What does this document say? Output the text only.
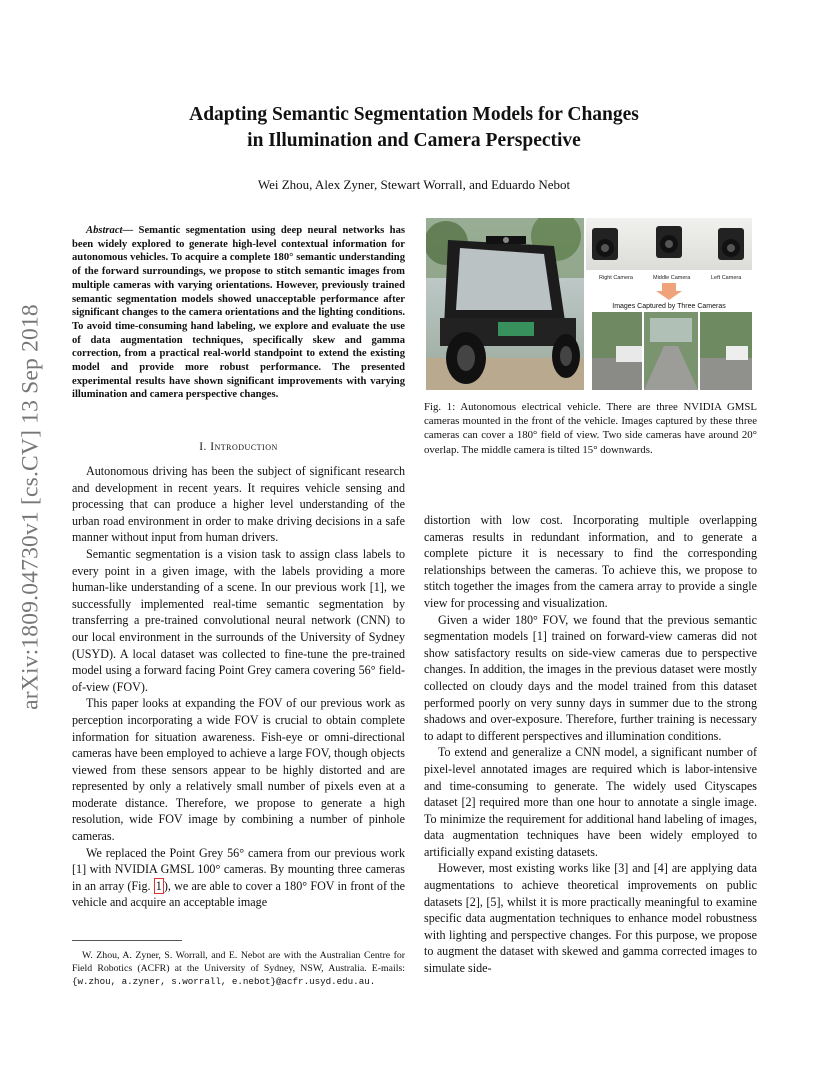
arXiv:1809.04730v1 [cs.CV] 13 Sep 2018
Adapting Semantic Segmentation Models for Changes
in Illumination and Camera Perspective
Wei Zhou, Alex Zyner, Stewart Worrall, and Eduardo Nebot

Abstract— Semantic segmentation using deep neural networks has been widely explored to generate high-level contextual information for autonomous vehicles. To acquire a complete 180° semantic understanding of the forward surroundings, we propose to stitch semantic images from multiple cameras with varying orientations. However, previously trained semantic segmentation models showed unacceptable performance after significant changes to the camera orientations and the lighting conditions. To avoid time-consuming hand labeling, we explore and evaluate the use of data augmentation techniques, specifically skew and gamma correction, from a practical real-world standpoint to extend the existing model and provide more robust performance. The presented experimental results have shown significant improvements with varying illumination and camera perspective changes.

I. Introduction

Autonomous driving has been the subject of significant research and development in recent years. It requires vehicle sensing and processing that can produce a higher level understanding of the urban road environment in order to make driving decisions in a safe manner without input from human drivers.

Semantic segmentation is a vision task to assign class labels to every point in a given image, with the labels providing a more human-like understanding of a scene. In our previous work [1], we successfully implemented real-time semantic segmentation by transferring a pre-trained convolutional neural network (CNN) to our local environment in the surrounds of the University of Sydney (USYD). A local dataset was collected to fine-tune the pre-trained model using a forward facing Point Grey camera covering 56° field-of-view (FOV).

This paper looks at expanding the FOV of our previous work as perception incorporating a wide FOV is crucial to obtain complete information for situation awareness. Fish-eye or omni-directional cameras have been employed to achieve a large FOV, though objects viewed from these sensors appear to be highly distorted and are represented by only a relatively small number of pixels even at a moderate distance. Therefore, we propose to generate a high resolution, wide FOV image by combining a number of pinhole cameras.

We replaced the Point Grey 56° camera from our previous work [1] with NVIDIA GMSL 100° cameras. By mounting three cameras in an array (Fig. 1 ), we are able to cover a 180° FOV in front of the vehicle and acquire an acceptable image

W. Zhou, A. Zyner, S. Worrall, and E. Nebot are with the Australian Centre for Field Robotics (ACFR) at the University of Sydney, NSW, Australia. E-mails: {w.zhou, a.zyner, s.worrall, e.nebot}@acfr.usyd.edu.au.

Right Camera	Middle Camera	Left Camera
Images Captured by Three Cameras
Fig. 1: Autonomous electrical vehicle. There are three NVIDIA GMSL cameras mounted in the front of the vehicle. Images captured by these three cameras can cover a 180° field of view. Two side cameras have around 20° overlap. The middle camera is tilted 15° downwards.

distortion with low cost. Incorporating multiple overlapping cameras results in redundant information, and to generate a complete picture it is necessary to find the corresponding relationships between the cameras. To achieve this, we propose to stitch together the images from the camera array to provide a single view for processing and visualization.

Given a wider 180° FOV, we found that the previous semantic segmentation models [1] trained on forward-view cameras did not show satisfactory results on side-view cameras due to perspective changes. In addition, the images in the previous dataset were mostly collected on cloudy days and the model trained from this dataset performed poorly on very sunny days in summer due to the strong shadows and over-exposure. Therefore, further training is necessary to adapt to different perspectives and illumination conditions.

To extend and generalize a CNN model, a significant number of pixel-level annotated images are required which is labor-intensive and time-consuming to generate. The widely used Cityscapes dataset [2] required more than one hour to annotate a single image. To minimize the requirement for additional hand labeling of images, data augmentation techniques have been widely employed to artificially expand existing datasets.

However, most existing works like [3] and [4] are applying data augmentations to achieve theoretical improvements on public datasets [2], [5], whilst it is more practically meaningful to examine specific data augmentation techniques to enhance model robustness with lighting and perspective changes. For this purpose, we propose to augment the dataset with skewed and gamma corrected images to simulate side-
